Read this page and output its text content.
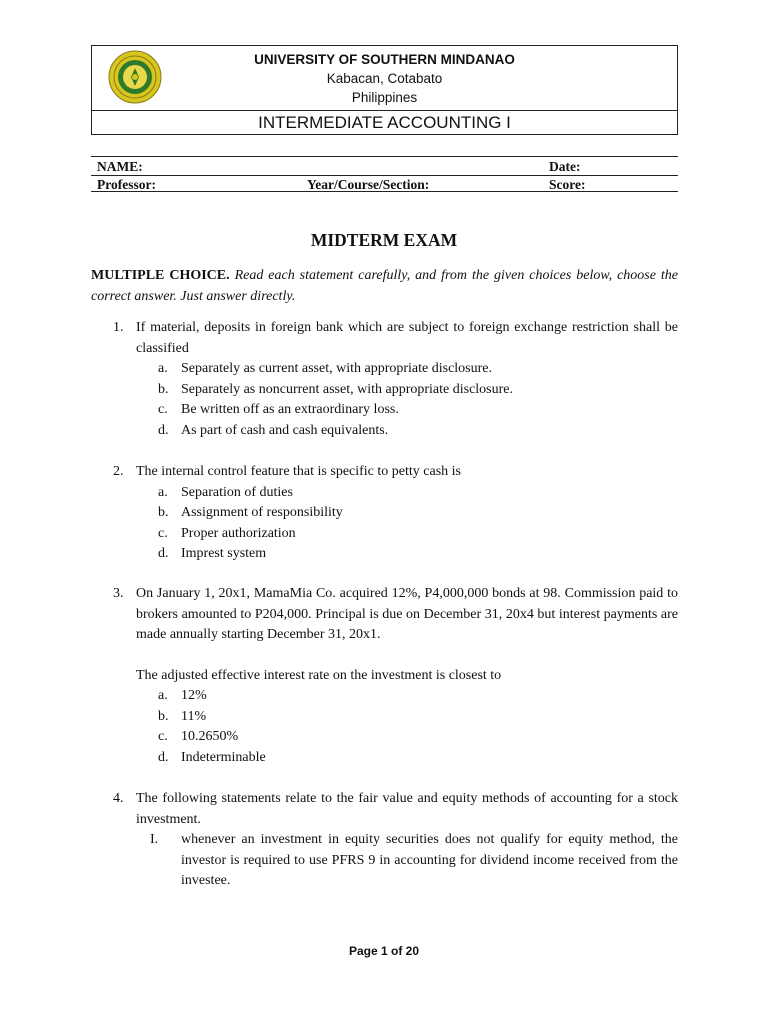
UNIVERSITY OF SOUTHERN MINDANAO
Kabacan, Cotabato
Philippines
INTERMEDIATE ACCOUNTING I
NAME:	Date:
Professor:	Year/Course/Section:	Score:
MIDTERM EXAM
MULTIPLE CHOICE. Read each statement carefully, and from the given choices below, choose the correct answer. Just answer directly.
1. If material, deposits in foreign bank which are subject to foreign exchange restriction shall be classified
a. Separately as current asset, with appropriate disclosure.
b. Separately as noncurrent asset, with appropriate disclosure.
c. Be written off as an extraordinary loss.
d. As part of cash and cash equivalents.
2. The internal control feature that is specific to petty cash is
a. Separation of duties
b. Assignment of responsibility
c. Proper authorization
d. Imprest system
3. On January 1, 20x1, MamaMia Co. acquired 12%, P4,000,000 bonds at 98. Commission paid to brokers amounted to P204,000. Principal is due on December 31, 20x4 but interest payments are made annually starting December 31, 20x1.
The adjusted effective interest rate on the investment is closest to
a. 12%
b. 11%
c. 10.2650%
d. Indeterminable
4. The following statements relate to the fair value and equity methods of accounting for a stock investment.
I. whenever an investment in equity securities does not qualify for equity method, the investor is required to use PFRS 9 in accounting for dividend income received from the investee.
Page 1 of 20
